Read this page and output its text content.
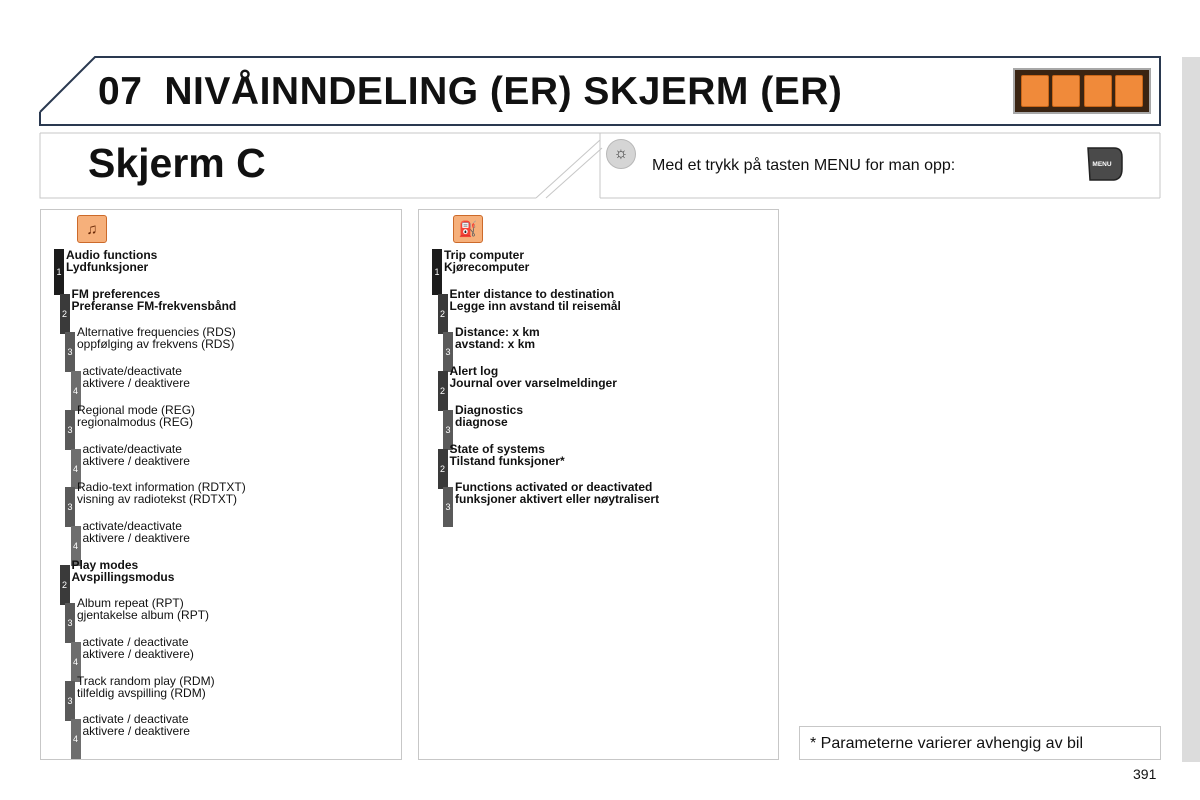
07 NIVÅINNDELING (ER) SKJERM (ER)
Skjerm C	☼
Med et trykk på tasten MENU for man opp:	MENU
♫
1
Audio functions
Lydfunksjoner
2
FM preferences
Preferanse FM-frekvensbånd
3
Alternative frequencies (RDS)
oppfølging av frekvens (RDS)
4
activate/deactivate
aktivere / deaktivere
3
Regional mode (REG)
regionalmodus (REG)
4
activate/deactivate
aktivere / deaktivere
3
Radio-text information (RDTXT)
visning av radiotekst (RDTXT)
4
activate/deactivate
aktivere / deaktivere
2
Play modes
Avspillingsmodus
3
Album repeat (RPT)
gjentakelse album (RPT)
4
activate / deactivate
aktivere / deaktivere)
3
Track random play (RDM)
tilfeldig avspilling (RDM)
4
activate / deactivate
aktivere / deaktivere
⛽
1
Trip computer
Kjørecomputer
2
Enter distance to destination
Legge inn avstand til reisemål
3
Distance: x km
avstand: x km
2
Alert log
Journal over varselmeldinger
3
Diagnostics
diagnose
2
State of systems
Tilstand funksjoner*
3
Functions activated or deactivated
funksjoner aktivert eller nøytralisert
* Parameterne varierer avhengig av bil
391
